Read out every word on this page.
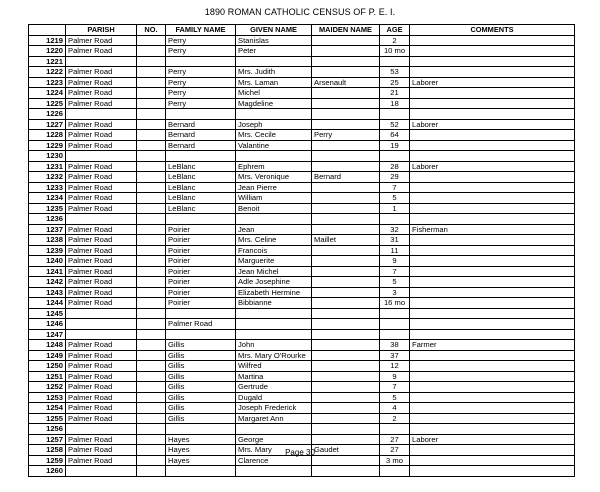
1890 ROMAN CATHOLIC CENSUS OF P. E. I.
	PARISH	NO.	FAMILY NAME	GIVEN NAME	MAIDEN NAME	AGE	COMMENTS
1219	Palmer Road		Perry	Stanislas		2	
1220	Palmer Road		Perry	Peter		10 mo	
1221							
1222	Palmer Road		Perry	Mrs. Judith		53	
1223	Palmer Road		Perry	Mrs. Laman	Arsenault	25	Laborer
1224	Palmer Road		Perry	Michel		21	
1225	Palmer Road		Perry	Magdeline		18	
1226							
1227	Palmer Road		Bernard	Joseph		52	Laborer
1228	Palmer Road		Bernard	Mrs. Cecile	Perry	64	
1229	Palmer Road		Bernard	Valantine		19	
1230							
1231	Palmer Road		LeBlanc	Ephrem		28	Laborer
1232	Palmer Road		LeBlanc	Mrs. Veronique	Bernard	29	
1233	Palmer Road		LeBlanc	Jean Pierre		7	
1234	Palmer Road		LeBlanc	William		5	
1235	Palmer Road		LeBlanc	Benoit		1	
1236							
1237	Palmer Road		Poirier	Jean		32	Fisherman
1238	Palmer Road		Poirier	Mrs. Celine	Maillet	31	
1239	Palmer Road		Poirier	Francois		11	
1240	Palmer Road		Poirier	Marguerite		9	
1241	Palmer Road		Poirier	Jean Michel		7	
1242	Palmer Road		Poirier	Adle Josephine		5	
1243	Palmer Road		Poirier	Elizabeth Hermine		3	
1244	Palmer Road		Poirier	Bibbianne		16 mo	
1245							
1246			Palmer Road				
1247							
1248	Palmer Road		Gillis	John		38	Farmer
1249	Palmer Road		Gillis	Mrs. Mary O'Rourke		37	
1250	Palmer Road		Gillis	Wilfred		12	
1251	Palmer Road		Gillis	Martina		9	
1252	Palmer Road		Gillis	Gertrude		7	
1253	Palmer Road		Gillis	Dugald		5	
1254	Palmer Road		Gillis	Joseph Frederick		4	
1255	Palmer Road		Gillis	Margaret Ann		2	
1256							
1257	Palmer Road		Hayes	George		27	Laborer
1258	Palmer Road		Hayes	Mrs. Mary	Gaudet	27	
1259	Palmer Road		Hayes	Clarence		3 mo	
1260							
Page 30
